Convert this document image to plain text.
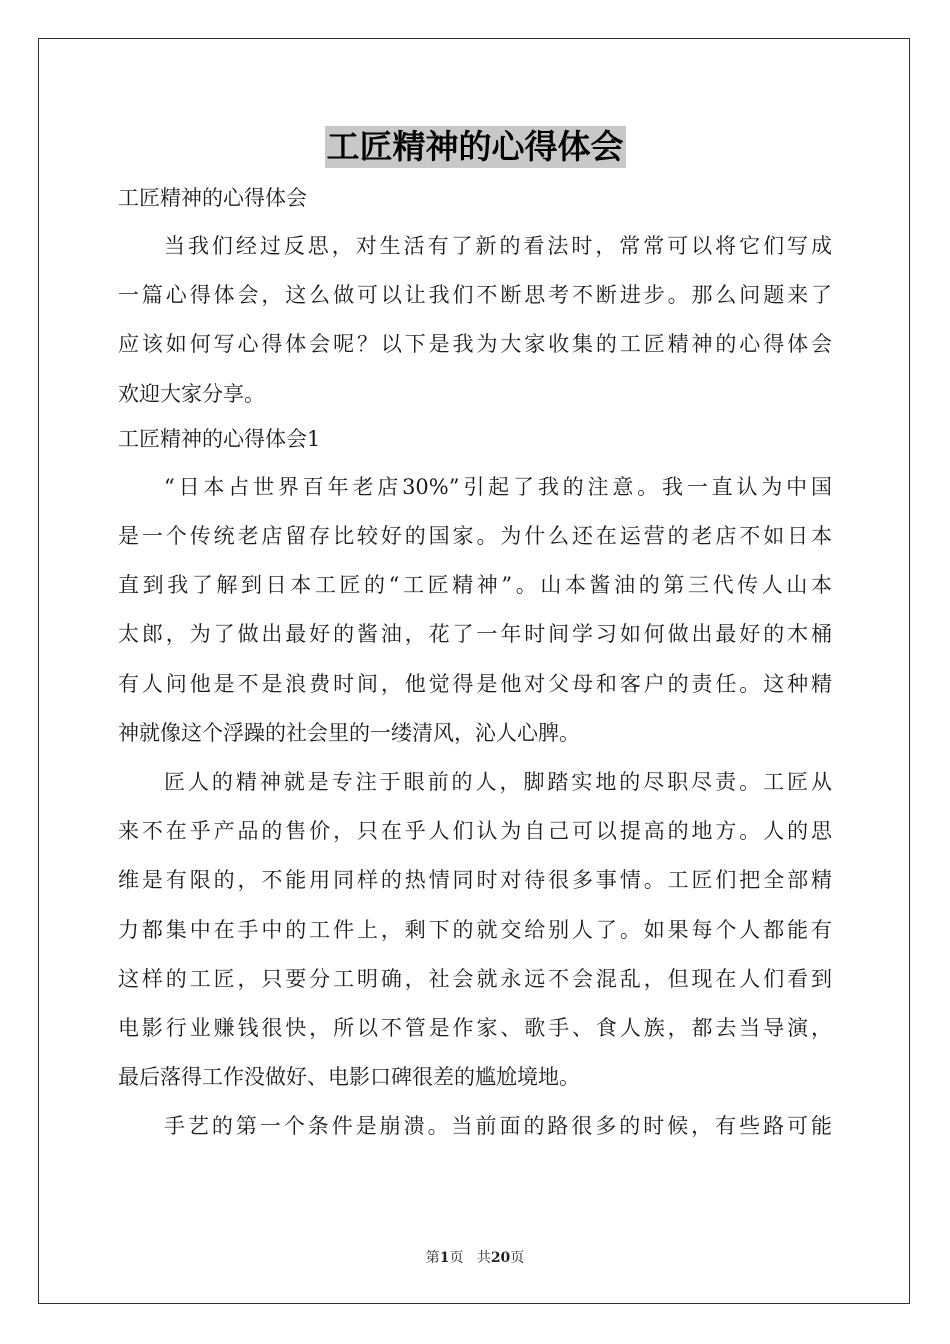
工匠精神的心得体会
工匠精神的心得体会
当我们经过反思，对生活有了新的看法时，常常可以将它们写成
一篇心得体会，这么做可以让我们不断思考不断进步。那么问题来了
应该如何写心得体会呢？以下是我为大家收集的工匠精神的心得体会
欢迎大家分享。
工匠精神的心得体会1
“日本占世界百年老店30%”引起了我的注意。我一直认为中国
是一个传统老店留存比较好的国家。为什么还在运营的老店不如日本
直到我了解到日本工匠的“工匠精神”。山本酱油的第三代传人山本
太郎，为了做出最好的酱油，花了一年时间学习如何做出最好的木桶
有人问他是不是浪费时间，他觉得是他对父母和客户的责任。这种精
神就像这个浮躁的社会里的一缕清风，沁人心脾。
匠人的精神就是专注于眼前的人，脚踏实地的尽职尽责。工匠从
来不在乎产品的售价，只在乎人们认为自己可以提高的地方。人的思
维是有限的，不能用同样的热情同时对待很多事情。工匠们把全部精
力都集中在手中的工件上，剩下的就交给别人了。如果每个人都能有
这样的工匠，只要分工明确，社会就永远不会混乱，但现在人们看到
电影行业赚钱很快，所以不管是作家、歌手、食人族，都去当导演，
最后落得工作没做好、电影口碑很差的尴尬境地。
手艺的第一个条件是崩溃。当前面的路很多的时候，有些路可能
第1页 共20页
